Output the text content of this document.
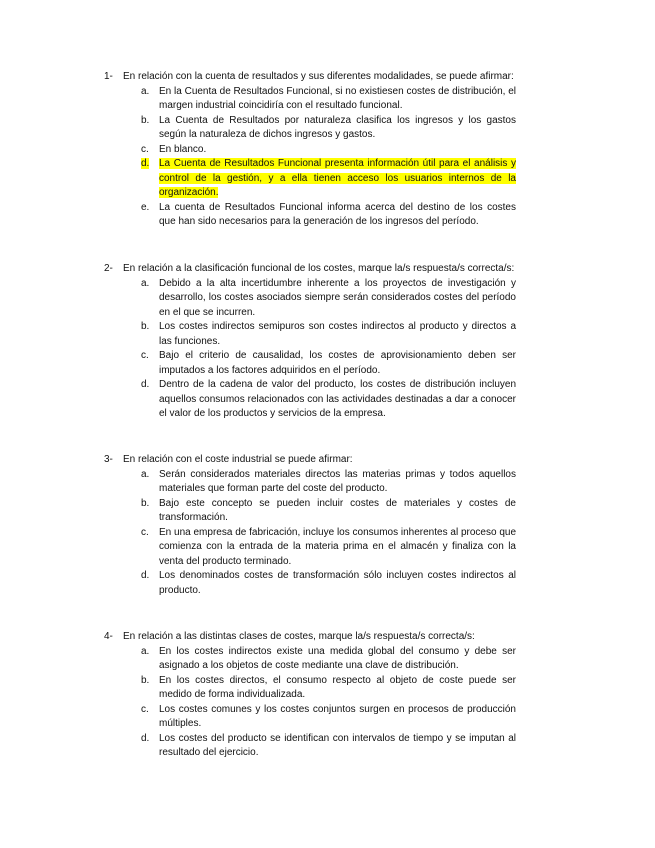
1-	En relación con la cuenta de resultados y sus diferentes modalidades, se puede afirmar:
a. En la Cuenta de Resultados Funcional, si no existiesen costes de distribución, el margen industrial coincidiría con el resultado funcional.
b. La Cuenta de Resultados por naturaleza clasifica los ingresos y los gastos según la naturaleza de dichos ingresos y gastos.
c.	En blanco.
d. La Cuenta de Resultados Funcional presenta información útil para el análisis y control de la gestión, y a ella tienen acceso los usuarios internos de la organización.
e. La cuenta de Resultados Funcional informa acerca del destino de los costes que han sido necesarios para la generación de los ingresos del período.
2-	En relación a la clasificación funcional de los costes, marque la/s respuesta/s correcta/s:
a. Debido a la alta incertidumbre inherente a los proyectos de investigación y desarrollo, los costes asociados siempre serán considerados costes del período en el que se incurren.
b. Los costes indirectos semipuros son costes indirectos al producto y directos a las funciones.
c.	Bajo el criterio de causalidad, los costes de aprovisionamiento deben ser imputados a los factores adquiridos en el período.
d. Dentro de la cadena de valor del producto, los costes de distribución incluyen aquellos consumos relacionados con las actividades destinadas a dar a conocer el valor de los productos y servicios de la empresa.
3-	En relación con el coste industrial se puede afirmar:
a. Serán considerados materiales directos las materias primas y todos aquellos materiales que forman parte del coste del producto.
b. Bajo este concepto se pueden incluir costes de materiales y costes de transformación.
c.	En una empresa de fabricación, incluye los consumos inherentes al proceso que comienza con la entrada de la materia prima en el almacén y finaliza con la venta del producto terminado.
d. Los denominados costes de transformación sólo incluyen costes indirectos al producto.
4-	En relación a las distintas clases de costes, marque la/s respuesta/s correcta/s:
a. En los costes indirectos existe una medida global del consumo y debe ser asignado a los objetos de coste mediante una clave de distribución.
b. En los costes directos, el consumo respecto al objeto de coste puede ser medido de forma individualizada.
c.	Los costes comunes y los costes conjuntos surgen en procesos de producción múltiples.
d. Los costes del producto se identifican con intervalos de tiempo y se imputan al resultado del ejercicio.
